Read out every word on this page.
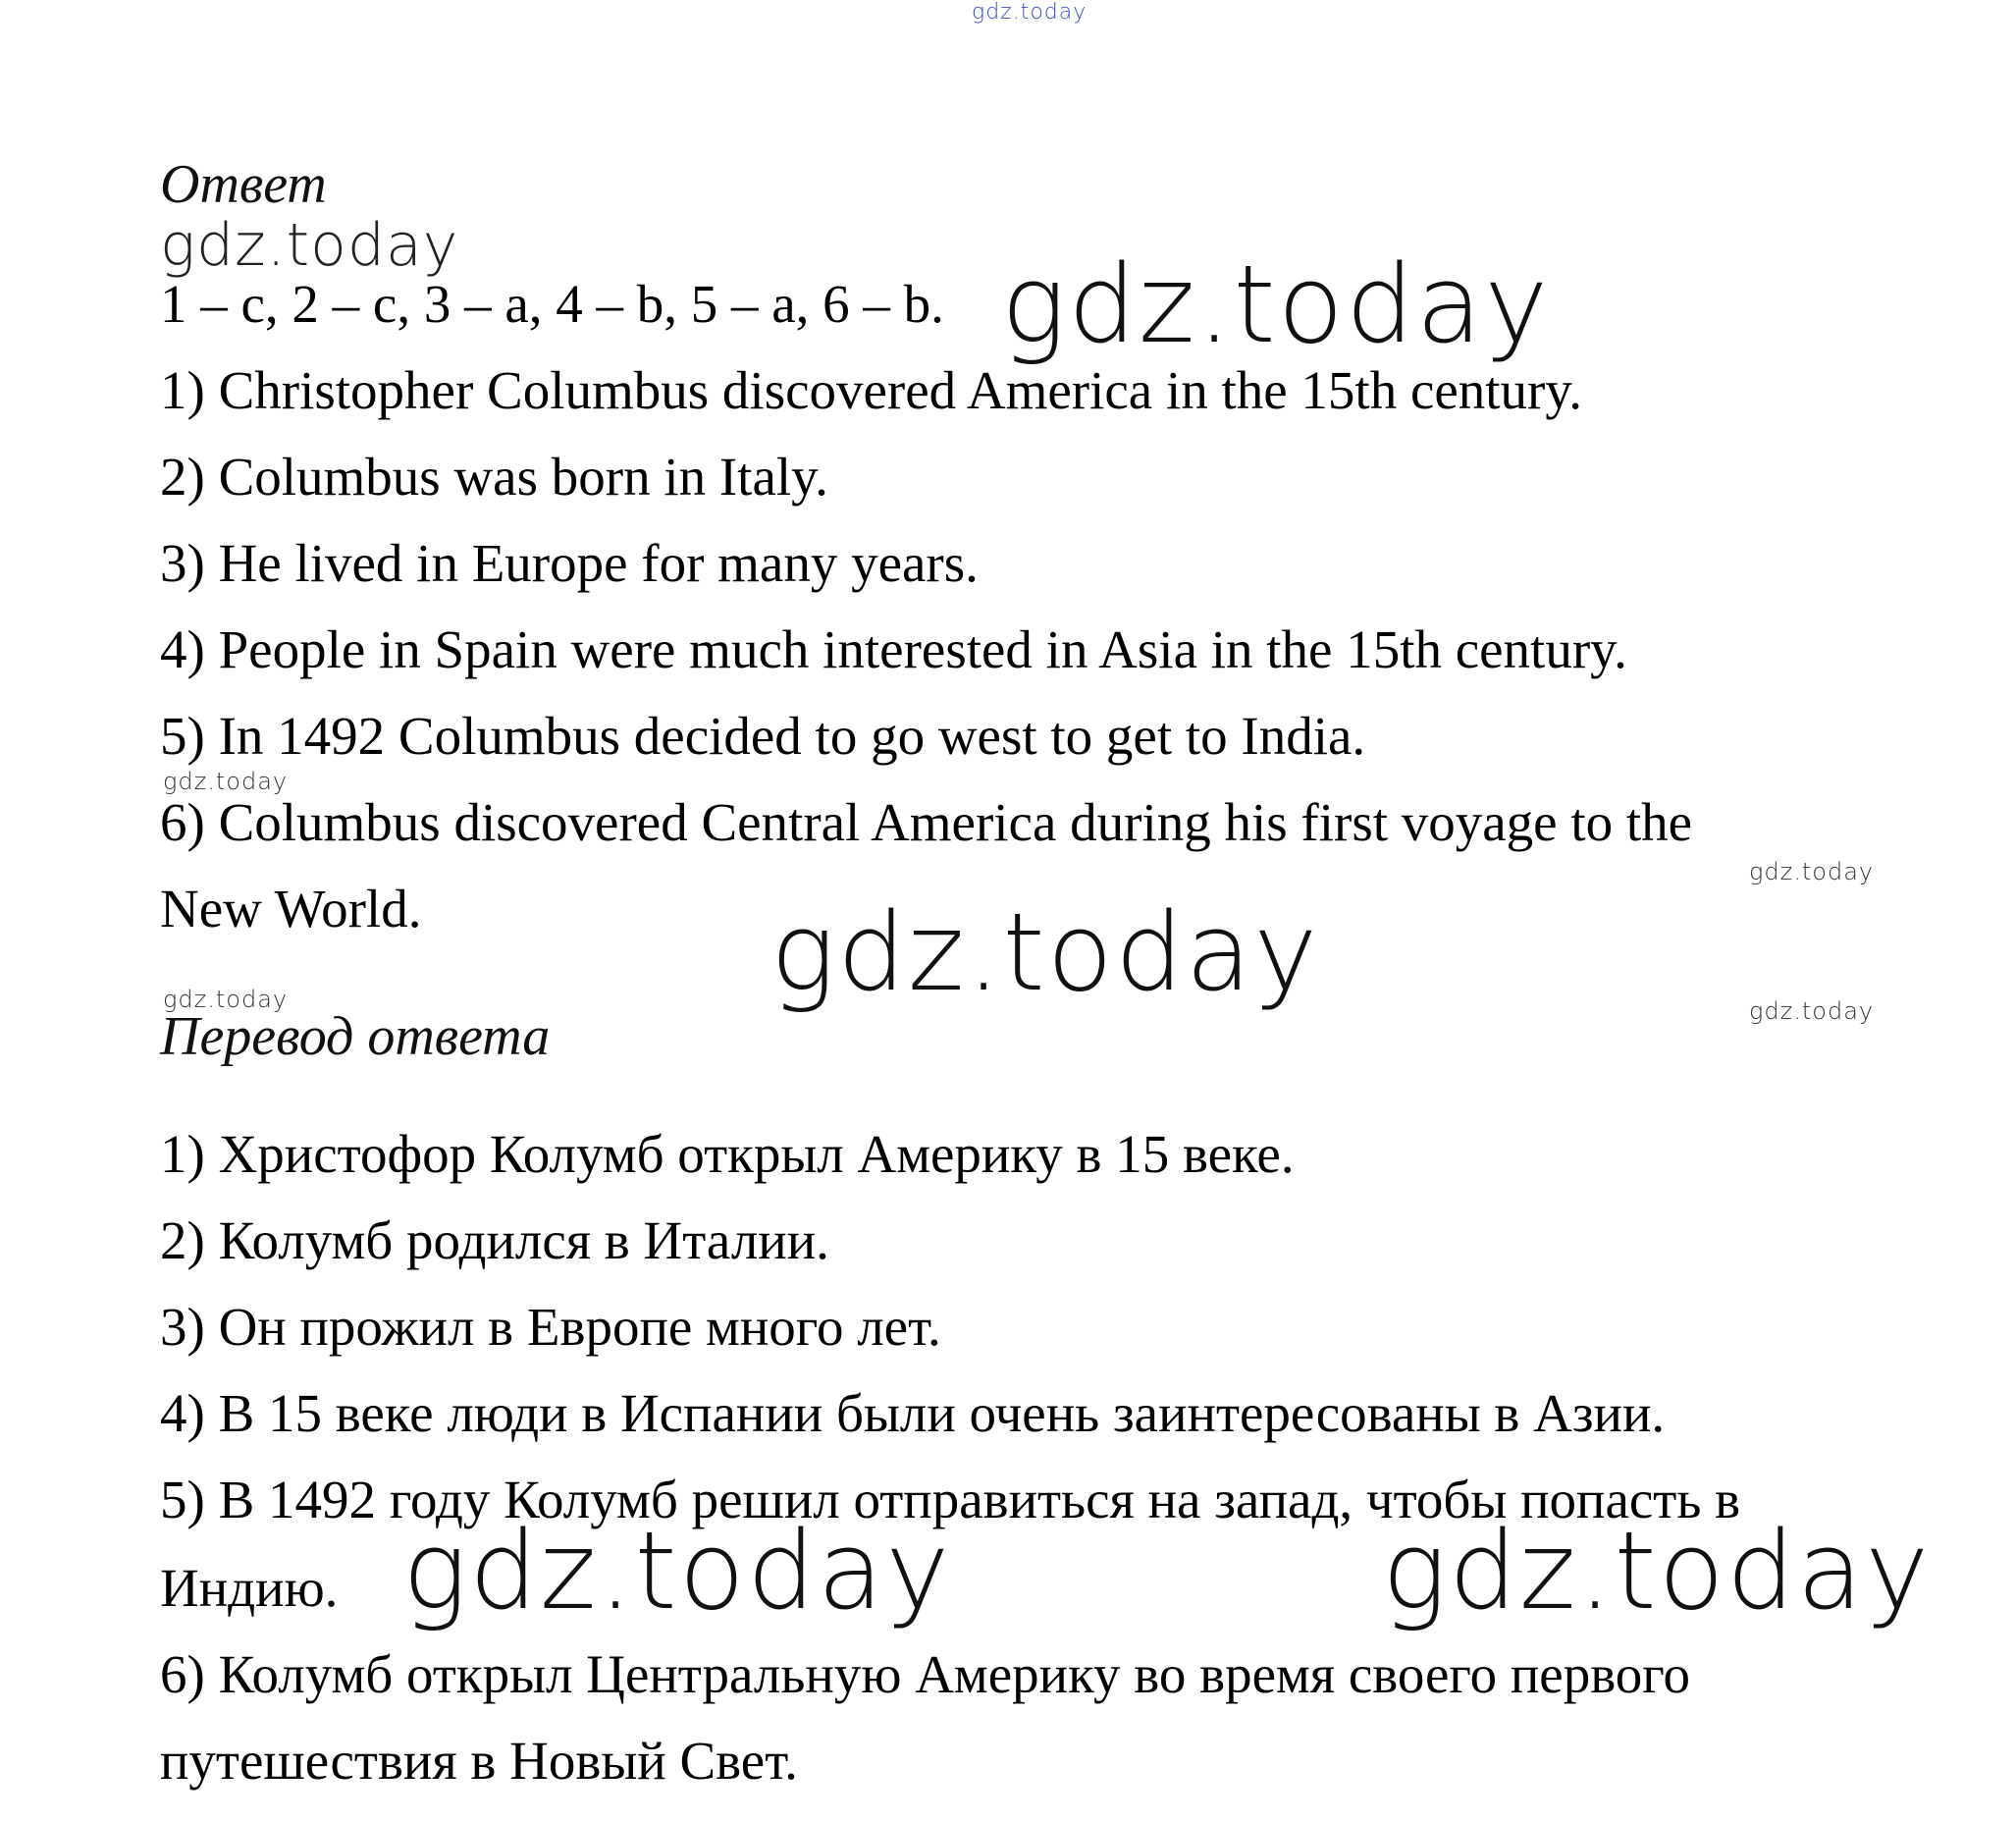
gdz.today
Ответ
gdz.today
1 – c, 2 – c, 3 – a, 4 – b, 5 – a, 6 – b. gdz.today
1) Christopher Columbus discovered America in the 15th century.
2) Columbus was born in Italy.
3) He lived in Europe for many years.
4) People in Spain were much interested in Asia in the 15th century.
5) In 1492 Columbus decided to go west to get to India.
gdz.today
6) Columbus discovered Central America during his first voyage to the
gdz.today
New World.	gdz.today
gdz.today	gdz.today
Перевод ответа
1) Христофор Колумб открыл Америку в 15 веке.
2) Колумб родился в Италии.
3) Он прожил в Европе много лет.
4) В 15 веке люди в Испании были очень заинтересованы в Азии.
5) В 1492 году Колумб решил отправиться на запад, чтобы попасть в
Индию. gdz.today	gdz.today
6) Колумб открыл Центральную Америку во время своего первого
путешествия в Новый Свет.
